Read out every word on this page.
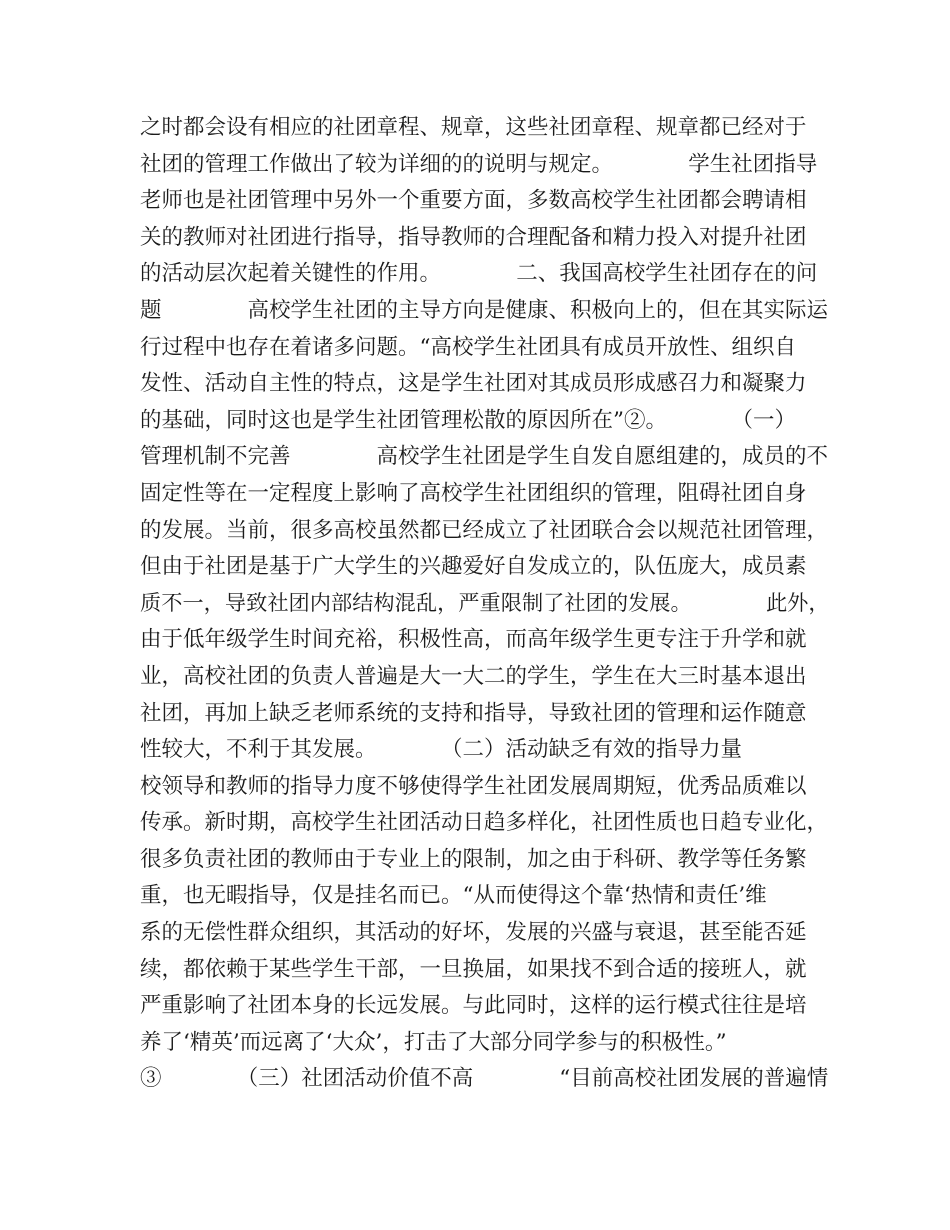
之时都会设有相应的社团章程、规章，这些社团章程、规章都已经对于
社团的管理工作做出了较为详细的的说明与规定。　　　　学生社团指导
老师也是社团管理中另外一个重要方面，多数高校学生社团都会聘请相
关的教师对社团进行指导，指导教师的合理配备和精力投入对提升社团
的活动层次起着关键性的作用。　　　　二、我国高校学生社团存在的问
题　　　　高校学生社团的主导方向是健康、积极向上的，但在其实际运
行过程中也存在着诸多问题。“高校学生社团具有成员开放性、组织自
发性、活动自主性的特点，这是学生社团对其成员形成感召力和凝聚力
的基础，同时这也是学生社团管理松散的原因所在”②。　　　　（一）
管理机制不完善　　　　高校学生社团是学生自发自愿组建的，成员的不
固定性等在一定程度上影响了高校学生社团组织的管理，阻碍社团自身
的发展。当前，很多高校虽然都已经成立了社团联合会以规范社团管理，
但由于社团是基于广大学生的兴趣爱好自发成立的，队伍庞大，成员素
质不一，导致社团内部结构混乱，严重限制了社团的发展。　　　　此外，
由于低年级学生时间充裕，积极性高，而高年级学生更专注于升学和就
业，高校社团的负责人普遍是大一大二的学生，学生在大三时基本退出
社团，再加上缺乏老师系统的支持和指导，导致社团的管理和运作随意
性较大，不利于其发展。　　　　（二）活动缺乏有效的指导力量
校领导和教师的指导力度不够使得学生社团发展周期短，优秀品质难以
传承。新时期，高校学生社团活动日趋多样化，社团性质也日趋专业化，
很多负责社团的教师由于专业上的限制，加之由于科研、教学等任务繁
重，也无暇指导，仅是挂名而已。“从而使得这个靠‘热情和责任’维
系的无偿性群众组织，其活动的好坏，发展的兴盛与衰退，甚至能否延
续，都依赖于某些学生干部，一旦换届，如果找不到合适的接班人，就
严重影响了社团本身的长远发展。与此同时，这样的运行模式往往是培
养了‘精英’而远离了‘大众’，打击了大部分同学参与的积极性。”
③　　　　（三）社团活动价值不高　　　　“目前高校社团发展的普遍情
